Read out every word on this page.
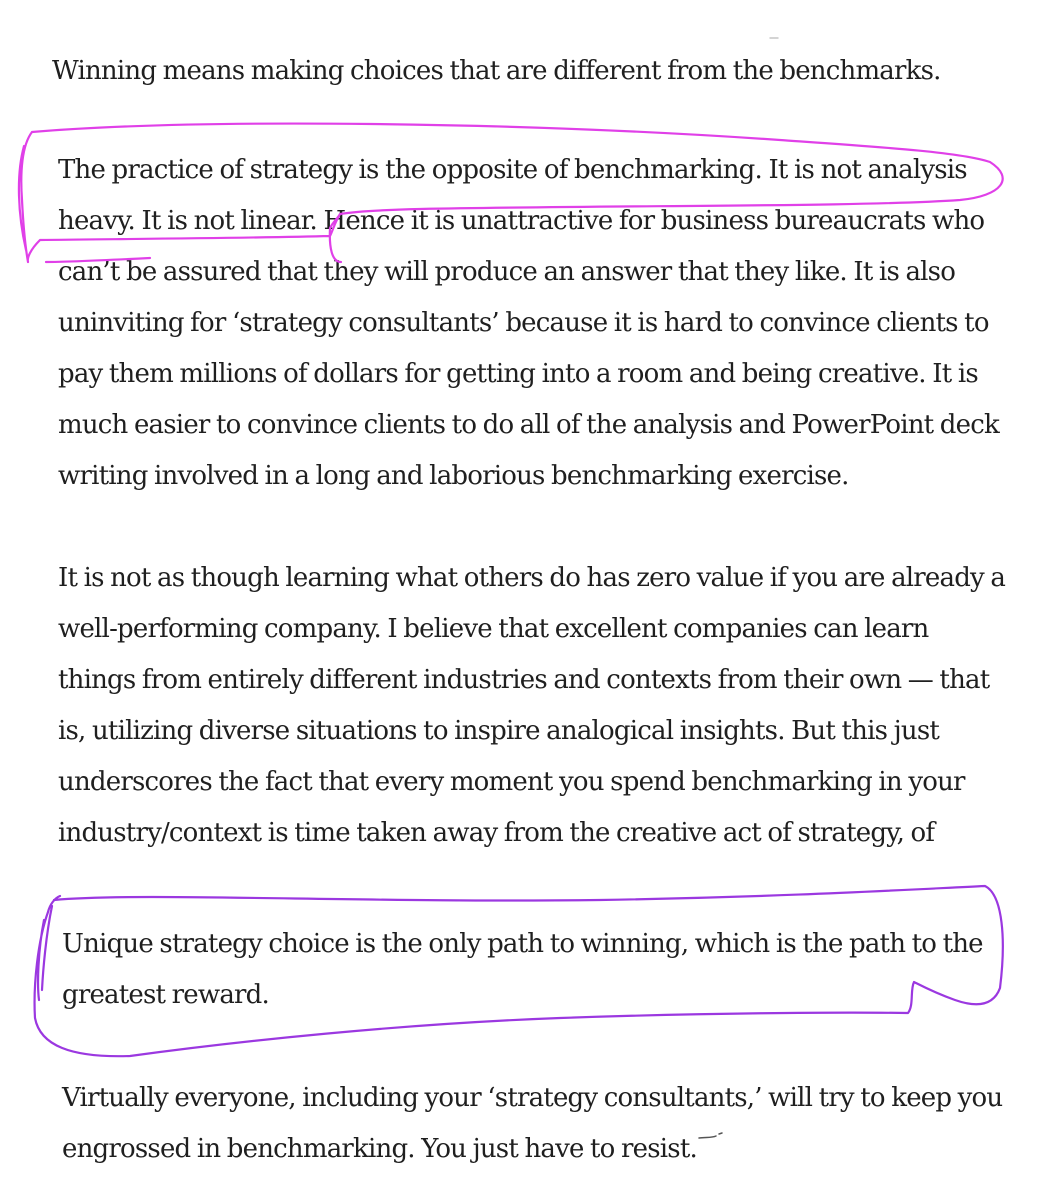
Winning means making choices that are different from the benchmarks.

The practice of strategy is the opposite of benchmarking. It is not analysis
heavy. It is not linear. Hence it is unattractive for business bureaucrats who
can’t be assured that they will produce an answer that they like. It is also
uninviting for ‘strategy consultants’ because it is hard to convince clients to
pay them millions of dollars for getting into a room and being creative. It is
much easier to convince clients to do all of the analysis and PowerPoint deck
writing involved in a long and laborious benchmarking exercise.

It is not as though learning what others do has zero value if you are already a
well-performing company. I believe that excellent companies can learn
things from entirely different industries and contexts from their own — that
is, utilizing diverse situations to inspire analogical insights. But this just
underscores the fact that every moment you spend benchmarking in your
industry/context is time taken away from the creative act of strategy, of

Unique strategy choice is the only path to winning, which is the path to the
greatest reward.

Virtually everyone, including your ‘strategy consultants,’ will try to keep you
engrossed in benchmarking. You just have to resist.
